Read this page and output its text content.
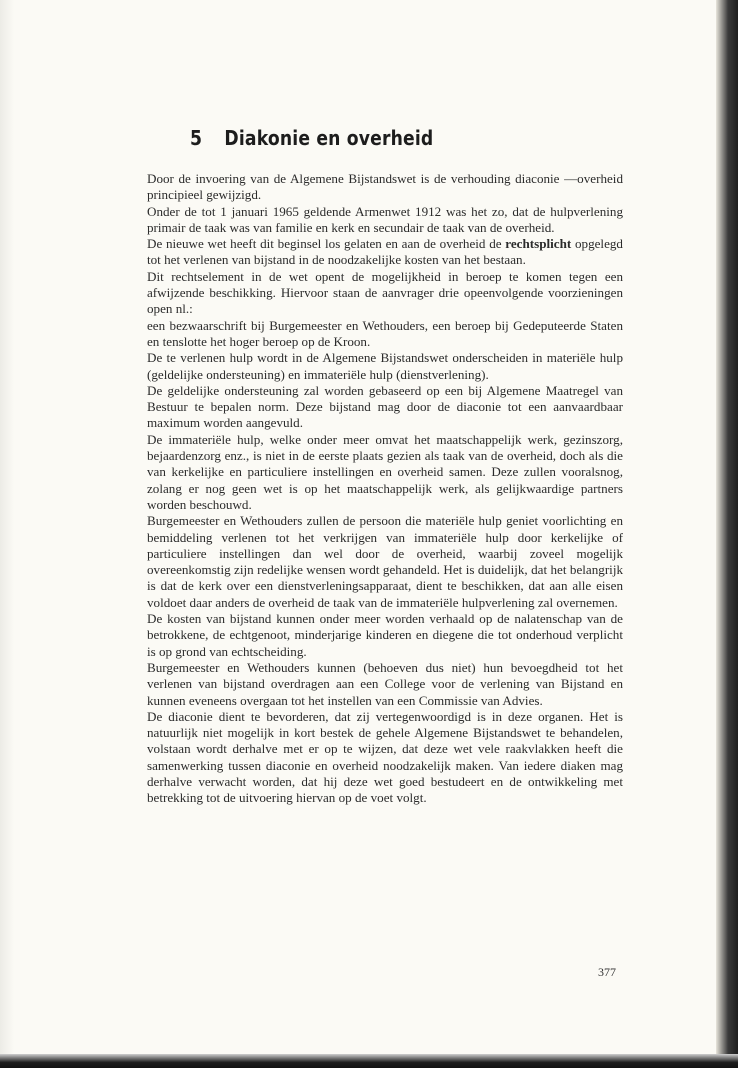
5 Diakonie en overheid

Door de invoering van de Algemene Bijstandswet is de verhouding diaconie —overheid principieel gewijzigd.

Onder de tot 1 januari 1965 geldende Armenwet 1912 was het zo, dat de hulpverlening primair de taak was van familie en kerk en secundair de taak van de overheid.

De nieuwe wet heeft dit beginsel los gelaten en aan de overheid de rechtsplicht opgelegd tot het verlenen van bijstand in de noodzakelijke kosten van het bestaan.

Dit rechtselement in de wet opent de mogelijkheid in beroep te komen tegen een afwijzende beschikking. Hiervoor staan de aanvrager drie opeenvolgende voorzieningen open nl.:

een bezwaarschrift bij Burgemeester en Wethouders, een beroep bij Gedeputeerde Staten en tenslotte het hoger beroep op de Kroon.

De te verlenen hulp wordt in de Algemene Bijstandswet onderscheiden in materiële hulp (geldelijke ondersteuning) en immateriële hulp (dienstverlening).

De geldelijke ondersteuning zal worden gebaseerd op een bij Algemene Maatregel van Bestuur te bepalen norm. Deze bijstand mag door de diaconie tot een aanvaardbaar maximum worden aangevuld.

De immateriële hulp, welke onder meer omvat het maatschappelijk werk, gezinszorg, bejaardenzorg enz., is niet in de eerste plaats gezien als taak van de overheid, doch als die van kerkelijke en particuliere instellingen en overheid samen. Deze zullen vooralsnog, zolang er nog geen wet is op het maatschappelijk werk, als gelijkwaardige partners worden beschouwd.

Burgemeester en Wethouders zullen de persoon die materiële hulp geniet voorlichting en bemiddeling verlenen tot het verkrijgen van immateriële hulp door kerkelijke of particuliere instellingen dan wel door de overheid, waarbij zoveel mogelijk overeenkomstig zijn redelijke wensen wordt gehandeld. Het is duidelijk, dat het belangrijk is dat de kerk over een dienstverleningsapparaat, dient te beschikken, dat aan alle eisen voldoet daar anders de overheid de taak van de immateriële hulpverlening zal overnemen.

De kosten van bijstand kunnen onder meer worden verhaald op de nalatenschap van de betrokkene, de echtgenoot, minderjarige kinderen en diegene die tot onderhoud verplicht is op grond van echtscheiding.

Burgemeester en Wethouders kunnen (behoeven dus niet) hun bevoegdheid tot het verlenen van bijstand overdragen aan een College voor de verlening van Bijstand en kunnen eveneens overgaan tot het instellen van een Commissie van Advies.

De diaconie dient te bevorderen, dat zij vertegenwoordigd is in deze organen. Het is natuurlijk niet mogelijk in kort bestek de gehele Algemene Bijstandswet te behandelen, volstaan wordt derhalve met er op te wijzen, dat deze wet vele raakvlakken heeft die samenwerking tussen diaconie en overheid noodzakelijk maken. Van iedere diaken mag derhalve verwacht worden, dat hij deze wet goed bestudeert en de ontwikkeling met betrekking tot de uitvoering hiervan op de voet volgt.

377
